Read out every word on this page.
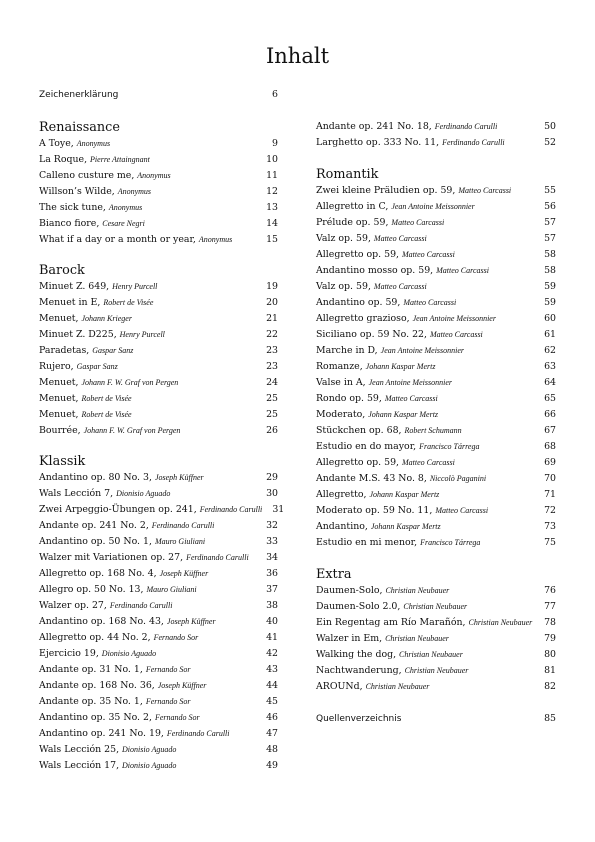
Inhalt
Zeichenerklärung	6
Renaissance
A Toye, Anonymus	9
La Roque, Pierre Attaingnant	10
Calleno custure me, Anonymus	11
Willson’s Wilde, Anonymus	12
The sick tune, Anonymus	13
Bianco fiore, Cesare Negri	14
What if a day or a month or year, Anonymus	15
Barock
Minuet Z. 649, Henry Purcell	19
Menuet in E, Robert de Visée	20
Menuet, Johann Krieger	21
Minuet Z. D225, Henry Purcell	22
Paradetas, Gaspar Sanz	23
Rujero, Gaspar Sanz	23
Menuet, Johann F. W. Graf von Pergen	24
Menuet, Robert de Visée	25
Menuet, Robert de Visée	25
Bourrée, Johann F. W. Graf von Pergen	26
Klassik
Andantino op. 80 No. 3, Joseph Küffner	29
Wals Lección 7, Dionisio Aguado	30
Zwei Arpeggio-Übungen op. 241, Ferdinando Carulli	31
Andante op. 241 No. 2, Ferdinando Carulli	32
Andantino op. 50 No. 1, Mauro Giuliani	33
Walzer mit Variationen op. 27, Ferdinando Carulli	34
Allegretto op. 168 No. 4, Joseph Küffner	36
Allegro op. 50 No. 13, Mauro Giuliani	37
Walzer op. 27, Ferdinando Carulli	38
Andantino op. 168 No. 43, Joseph Küffner	40
Allegretto op. 44 No. 2, Fernando Sor	41
Ejercicio 19, Dionisio Aguado	42
Andante op. 31 No. 1, Fernando Sor	43
Andante op. 168 No. 36, Joseph Küffner	44
Andante op. 35 No. 1, Fernando Sor	45
Andantino op. 35 No. 2, Fernando Sor	46
Andantino op. 241 No. 19, Ferdinando Carulli	47
Wals Lección 25, Dionisio Aguado	48
Wals Lección 17, Dionisio Aguado	49
Andante op. 241 No. 18, Ferdinando Carulli	50
Larghetto op. 333 No. 11, Ferdinando Carulli	52
Romantik
Zwei kleine Präludien op. 59, Matteo Carcassi	55
Allegretto in C, Jean Antoine Meissonnier	56
Prélude op. 59, Matteo Carcassi	57
Valz op. 59, Matteo Carcassi	57
Allegretto op. 59, Matteo Carcassi	58
Andantino mosso op. 59, Matteo Carcassi	58
Valz op. 59, Matteo Carcassi	59
Andantino op. 59, Matteo Carcassi	59
Allegretto grazioso, Jean Antoine Meissonnier	60
Siciliano op. 59 No. 22, Matteo Carcassi	61
Marche in D, Jean Antoine Meissonnier	62
Romanze, Johann Kaspar Mertz	63
Valse in A, Jean Antoine Meissonnier	64
Rondo op. 59, Matteo Carcassi	65
Moderato, Johann Kaspar Mertz	66
Stückchen op. 68, Robert Schumann	67
Estudio en do mayor, Francisco Tárrega	68
Allegretto op. 59, Matteo Carcassi	69
Andante M.S. 43 No. 8, Niccolò Paganini	70
Allegretto, Johann Kaspar Mertz	71
Moderato op. 59 No. 11, Matteo Carcassi	72
Andantino, Johann Kaspar Mertz	73
Estudio en mi menor, Francisco Tárrega	75
Extra
Daumen-Solo, Christian Neubauer	76
Daumen-Solo 2.0, Christian Neubauer	77
Ein Regentag am Río Marañón, Christian Neubauer	78
Walzer in Em, Christian Neubauer	79
Walking the dog, Christian Neubauer	80
Nachtwanderung, Christian Neubauer	81
AROUNd, Christian Neubauer	82
Quellenverzeichnis	85
